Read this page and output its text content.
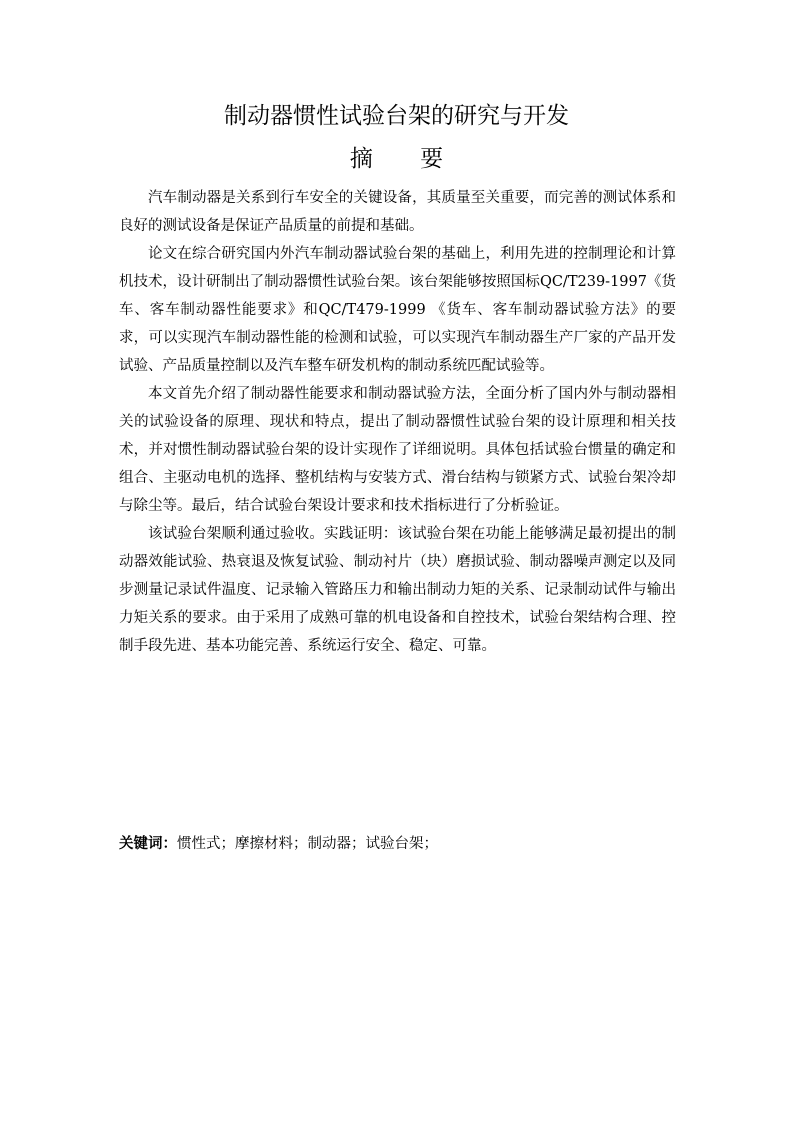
制动器惯性试验台架的研究与开发
摘 要

汽车制动器是关系到行车安全的关键设备，其质量至关重要，而完善的测试体系和良好的测试设备是保证产品质量的前提和基础。

论文在综合研究国内外汽车制动器试验台架的基础上，利用先进的控制理论和计算机技术，设计研制出了制动器惯性试验台架。该台架能够按照国标QC/T239-1997《货车、客车制动器性能要求》和QC/T479-1999 《货车、客车制动器试验方法》的要求，可以实现汽车制动器性能的检测和试验，可以实现汽车制动器生产厂家的产品开发试验、产品质量控制以及汽车整车研发机构的制动系统匹配试验等。

本文首先介绍了制动器性能要求和制动器试验方法，全面分析了国内外与制动器相关的试验设备的原理、现状和特点，提出了制动器惯性试验台架的设计原理和相关技术，并对惯性制动器试验台架的设计实现作了详细说明。具体包括试验台惯量的确定和组合、主驱动电机的选择、整机结构与安装方式、滑台结构与锁紧方式、试验台架冷却与除尘等。最后，结合试验台架设计要求和技术指标进行了分析验证。

该试验台架顺利通过验收。实践证明：该试验台架在功能上能够满足最初提出的制动器效能试验、热衰退及恢复试验、制动衬片（块）磨损试验、制动器噪声测定以及同步测量记录试件温度、记录输入管路压力和输出制动力矩的关系、记录制动试件与输出力矩关系的要求。由于采用了成熟可靠的机电设备和自控技术，试验台架结构合理、控制手段先进、基本功能完善、系统运行安全、稳定、可靠。

关键词：惯性式；摩擦材料；制动器；试验台架；
